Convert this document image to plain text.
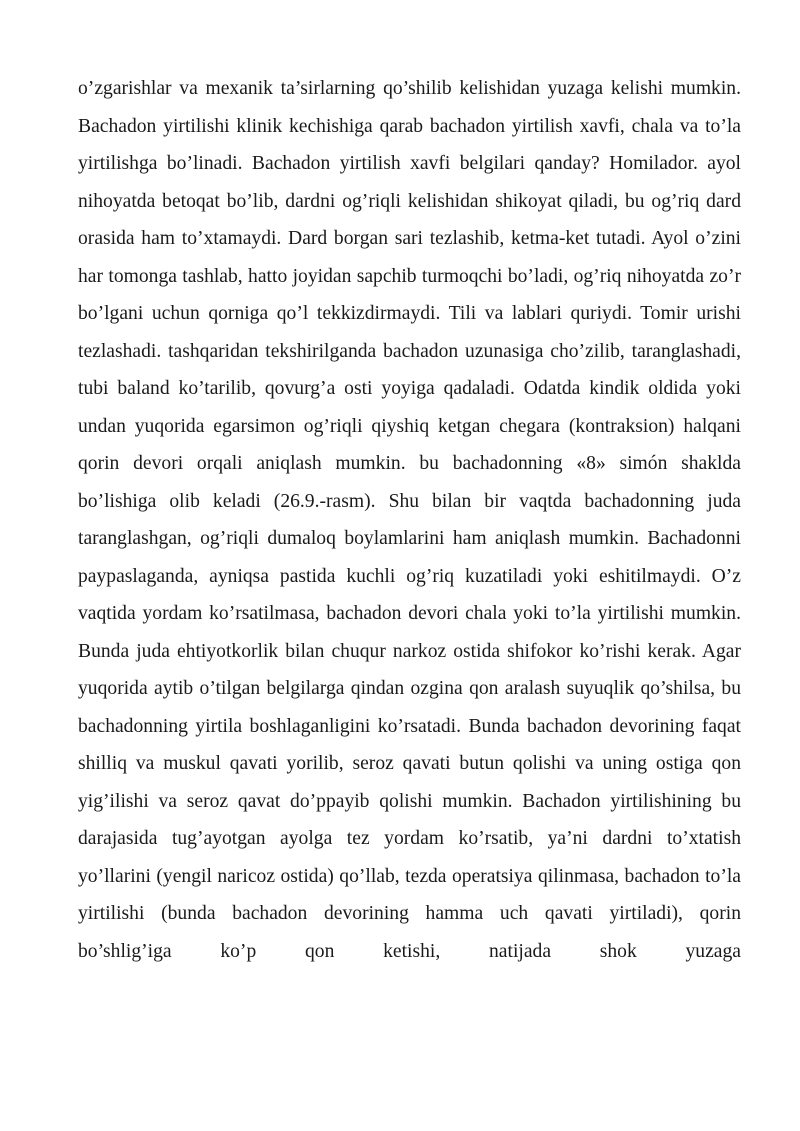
o’zgarishlar va mexanik ta’sirlarning qo’shilib kelishidan yuzaga kelishi mumkin. Bachadon yirtilishi klinik kechishiga qarab bachadon yirtilish xavfi, chala va to’la yirtilishga bo’linadi. Bachadon yirtilish xavfi belgilari qanday? Homilador. ayol nihoyatda betoqat bo’lib, dardni og’riqli kelishidan shikoyat qiladi, bu og’riq dard orasida ham to’xtamaydi. Dard borgan sari tezlashib, ketma-ket tutadi. Ayol o’zini har tomonga tashlab, hatto joyidan sapchib turmoqchi bo’ladi, og’riq nihoyatda zo’r bo’lgani uchun qorniga qo’l tekkizdirmaydi. Tili va lablari quriydi. Tomir urishi tezlashadi. tashqaridan tekshirilganda bachadon uzunasiga cho’zilib, taranglashadi, tubi baland ko’tarilib, qovurg’a osti yoyiga qadaladi. Odatda kindik oldida yoki undan yuqorida egarsimon og’riqli qiyshiq ketgan chegara (kontraksion) halqani qorin devori orqali aniqlash mumkin. bu bachadonning «8» simón shaklda bo’lishiga olib keladi (26.9.-rasm). Shu bilan bir vaqtda bachadonning juda taranglashgan, og’riqli dumaloq boylamlarini ham aniqlash mumkin. Bachadonni paypaslaganda, ayniqsa pastida kuchli og’riq kuzatiladi yoki eshitilmaydi. O’z vaqtida yordam ko’rsatilmasa, bachadon devori chala yoki to’la yirtilishi mumkin. Bunda juda ehtiyotkorlik bilan chuqur narkoz ostida shifokor ko’rishi kerak. Agar yuqorida aytib o’tilgan belgilarga qindan ozgina qon aralash suyuqlik qo’shilsa, bu bachadonning yirtila boshlaganligini ko’rsatadi. Bunda bachadon devorining faqat shilliq va muskul qavati yorilib, seroz qavati butun qolishi va uning ostiga qon yig’ilishi va seroz qavat do’ppayib qolishi mumkin. Bachadon yirtilishining bu darajasida tug’ayotgan ayolga tez yordam ko’rsatib, ya’ni dardni to’xtatish yo’llarini (yengil naricoz ostida) qo’llab, tezda operatsiya qilinmasa, bachadon to’la yirtilishi (bunda bachadon devorining hamma uch qavati yirtiladi), qorin bo’shlig’iga ko’p qon ketishi, natijada shok yuzaga
